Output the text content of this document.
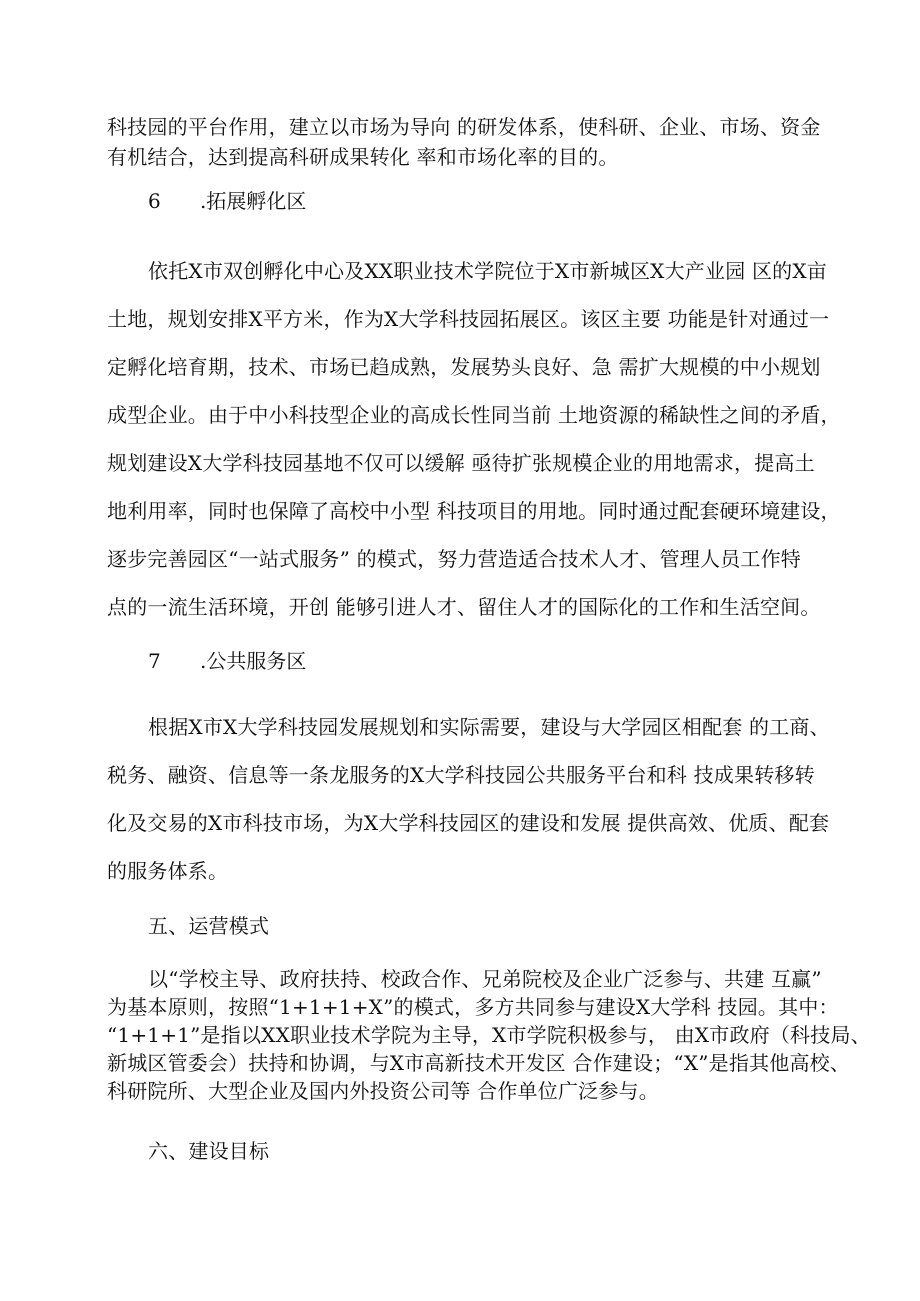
科技园的平台作用，建立以市场为导向 的研发体系，使科研、企业、市场、资金
有机结合，达到提高科研成果转化 率和市场化率的目的。
6 .拓展孵化区
依托X市双创孵化中心及XX职业技术学院位于X市新城区X大产业园 区的X亩
土地，规划安排X平方米，作为X大学科技园拓展区。该区主要 功能是针对通过一
定孵化培育期，技术、市场已趋成熟，发展势头良好、急 需扩大规模的中小规划
成型企业。由于中小科技型企业的高成长性同当前 土地资源的稀缺性之间的矛盾，
规划建设X大学科技园基地不仅可以缓解 亟待扩张规模企业的用地需求，提高土
地利用率，同时也保障了高校中小型 科技项目的用地。同时通过配套硬环境建设，
逐步完善园区“一站式服务” 的模式，努力营造适合技术人才、管理人员工作特
点的一流生活环境，开创 能够引进人才、留住人才的国际化的工作和生活空间。
7 .公共服务区
根据X市X大学科技园发展规划和实际需要，建设与大学园区相配套 的工商、
税务、融资、信息等一条龙服务的X大学科技园公共服务平台和科 技成果转移转
化及交易的X市科技市场，为X大学科技园区的建设和发展 提供高效、优质、配套
的服务体系。
五、运营模式
以“学校主导、政府扶持、校政合作、兄弟院校及企业广泛参与、共建 互赢”
为基本原则，按照“1+1+1+X”的模式，多方共同参与建设X大学科 技园。其中：
“1+1+1”是指以XX职业技术学院为主导，X市学院积极参与， 由X市政府（科技局、
新城区管委会）扶持和协调，与X市高新技术开发区 合作建设；“X”是指其他高校、
科研院所、大型企业及国内外投资公司等 合作单位广泛参与。
六、建设目标
